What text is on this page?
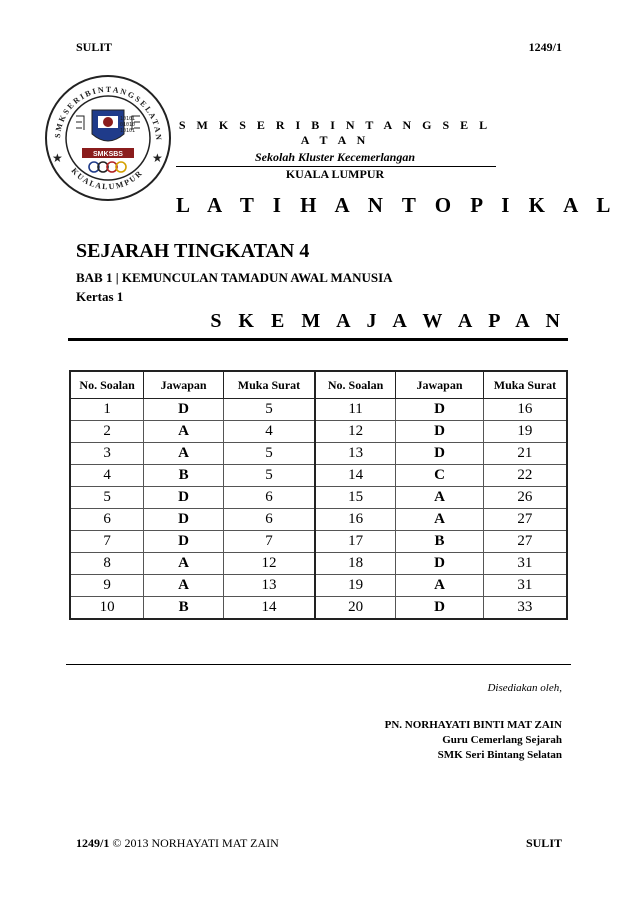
SULIT	1249/1
S M K S E R I B I N T A N G S E L A T A N
K U A L A L U M P U R
★	★
10101
01010
10101
SMKSBS
S M K S E R I B I N T A N G S E L A T A N
Sekolah Kluster Kecemerlangan
KUALA LUMPUR
L A T I H A N T O P I K A L
SEJARAH TINGKATAN 4
BAB 1 | KEMUNCULAN TAMADUN AWAL MANUSIA
Kertas 1
S K E M A J A W A P A N
No. Soalan	Jawapan	Muka Surat	No. Soalan	Jawapan	Muka Surat
1	D	5	11	D	16
2	A	4	12	D	19
3	A	5	13	D	21
4	B	5	14	C	22
5	D	6	15	A	26
6	D	6	16	A	27
7	D	7	17	B	27
8	A	12	18	D	31
9	A	13	19	A	31
10	B	14	20	D	33
Disediakan oleh,
PN. NORHAYATI BINTI MAT ZAIN
Guru Cemerlang Sejarah
SMK Seri Bintang Selatan
1249/1 © 2013 NORHAYATI MAT ZAIN	SULIT
